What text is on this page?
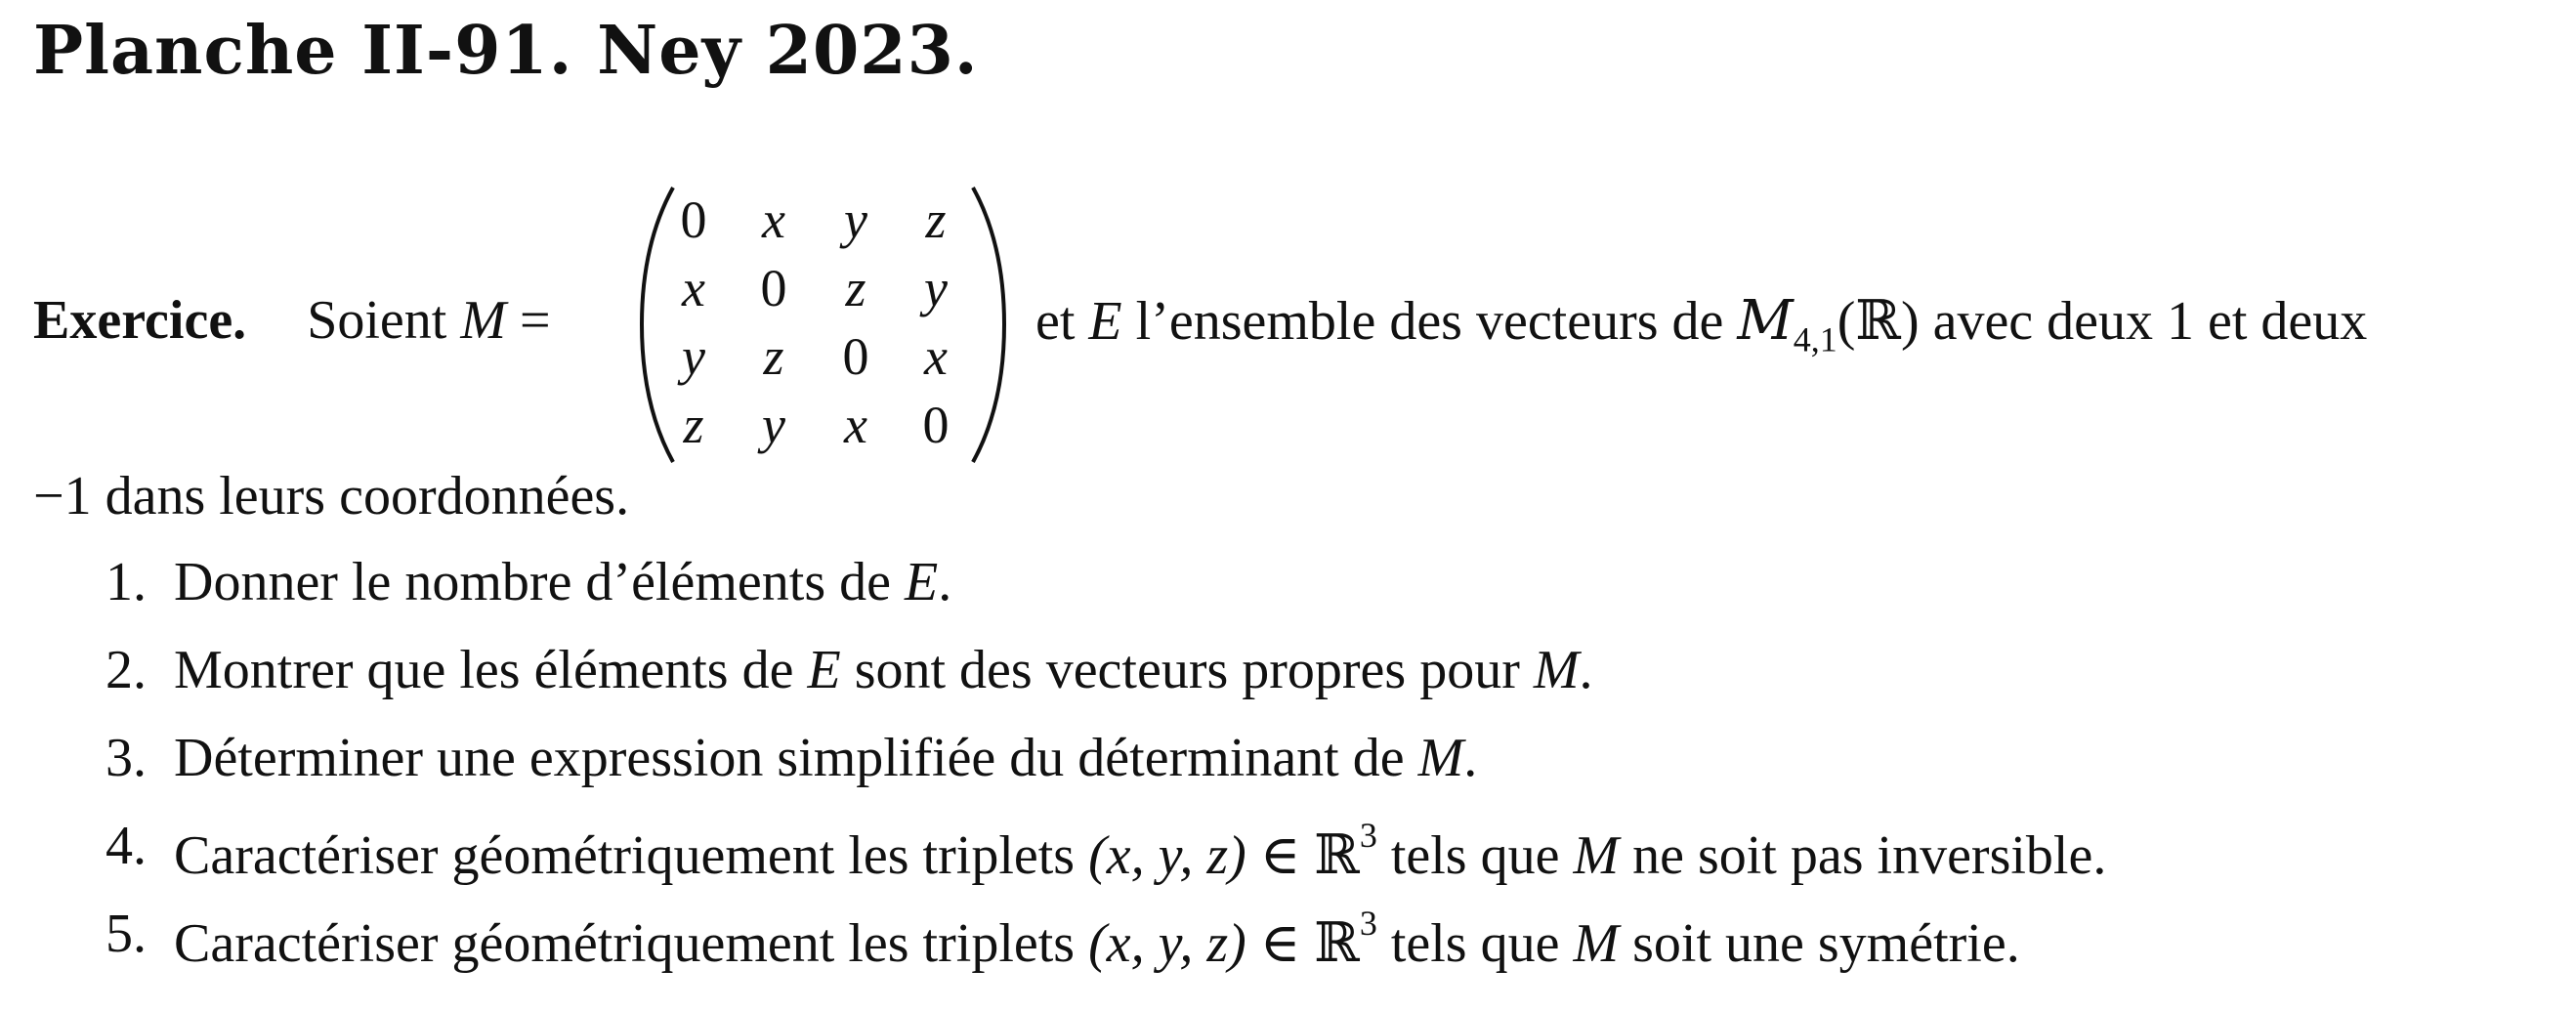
Planche II-91. Ney 2023.
Exercice. Soient M =
0	x	y	z
x	0	z	y
y	z	0	x
z	y	x	0
et E l’ensemble des vecteurs de $M_{4,1}(ℝ)$ avec deux 1 et deux
−1 dans leurs coordonnées.
1. Donner le nombre d’éléments de E.
2. Montrer que les éléments de E sont des vecteurs propres pour M.
3. Déterminer une expression simplifiée du déterminant de M.
4. Caractériser géométriquement les triplets (x, y, z) ∈ ℝ$^3$ tels que M ne soit pas inversible.
5. Caractériser géométriquement les triplets (x, y, z) ∈ ℝ$^3$ tels que M soit une symétrie.
